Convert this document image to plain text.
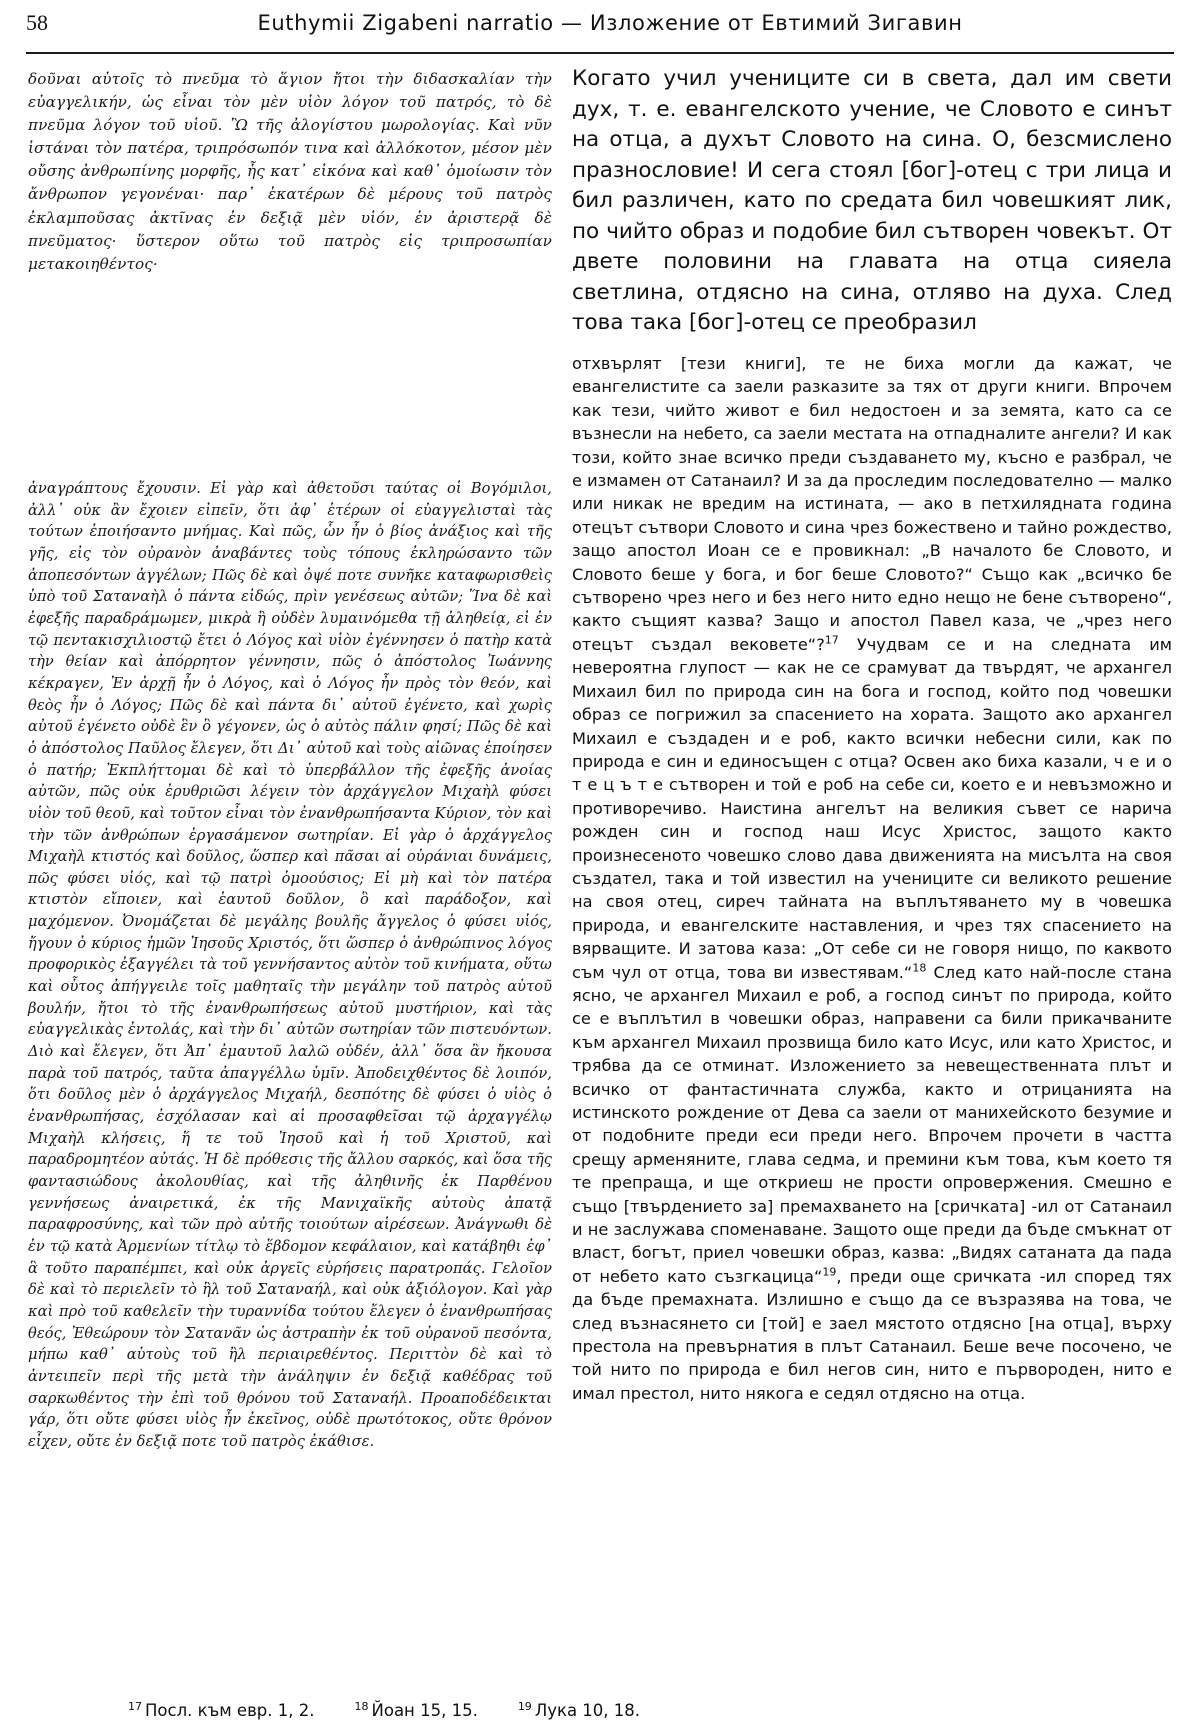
58	Euthymii Zigabeni narratio — Изложение от Евтимий Зигавин
δοῦναι αὐτοῖς τὸ πνεῦμα τὸ ἅγιον ἤτοι τὴν διδασκαλίαν τὴν εὐαγγελικήν, ὡς εἶναι τὸν μὲν υἱὸν λόγον τοῦ πατρός, τὸ δὲ πνεῦμα λόγον τοῦ υἱοῦ. Ὢ τῆς ἀλογίστου μωρολογίας. Καὶ νῦν ἱστάναι τὸν πατέρα, τριπρόσωπόν τινα καὶ ἀλλόκοτον, μέσον μὲν οὔσης ἀνθρωπίνης μορφῆς, ἧς κατ᾽ εἰκόνα καὶ καθ᾽ ὁμοίωσιν τὸν ἄνθρωπον γεγονέναι· παρ᾽ ἑκατέρων δὲ μέρους τοῦ πατρὸς ἐκλαμποῦσας ἀκτῖνας ἐν δεξιᾷ μὲν υἱόν, ἐν ἀριστερᾷ δὲ πνεῦματος· ὕστερον οὕτω τοῦ πατρὸς εἰς τριπροσωπίαν μετακοιηθέντος·
Когато учил учениците си в света, дал им свети дух, т. е. евангелското учение, че Словото е синът на отца, а духът Словото на сина. О, безсмислено празнословие! И сега стоял [бог]-отец с три лица и бил различен, като по средата бил човешкият лик, по чийто образ и подобие бил сътворен човекът. От двете половини на главата на отца сияела светлина, отдясно на сина, отляво на духа. След това така [бог]-отец се преобразил
ἀναγράπτους ἔχουσιν. Εἰ γὰρ καὶ ἀθετοῦσι ταύτας οἱ Βογόμιλοι, ἀλλ᾽ οὐκ ἂν ἔχοιεν εἰπεῖν, ὅτι ἀφ᾽ ἑτέρων οἱ εὐαγγελισταὶ τὰς τούτων ἐποιήσαντο μνήμας. Καὶ πῶς, ὧν ἦν ὁ βίος ἀνάξιος καὶ τῆς γῆς, εἰς τὸν οὐρανὸν ἀναβάντες τοὺς τόπους ἐκληρώσαντο τῶν ἀποπεσόντων ἀγγέλων; Πῶς δὲ καὶ ὀψέ ποτε συνῆκε καταφωρισθεὶς ὑπὸ τοῦ Σαταναὴλ ὁ πάντα εἰδώς, πρὶν γενέσεως αὐτῶν; Ἵνα δὲ καὶ ἐφεξῆς παραδράμωμεν, μικρὰ ἢ οὐδὲν λυμαινόμεθα τῇ ἀληθείᾳ, εἰ ἐν τῷ πεντακισχιλιοστῷ ἔτει ὁ Λόγος καὶ υἱὸν ἐγέννησεν ὁ πατὴρ κατὰ τὴν θείαν καὶ ἀπόρρητον γέννησιν, πῶς ὁ ἀπόστολος Ἰωάννης κέκραγεν, Ἐν ἀρχῇ ἦν ὁ Λόγος, καὶ ὁ Λόγος ἦν πρὸς τὸν θεόν, καὶ θεὸς ἦν ὁ Λόγος; Πῶς δὲ καὶ πάντα δι᾽ αὐτοῦ ἐγένετο, καὶ χωρὶς αὐτοῦ ἐγένετο οὐδὲ ἓν ὃ γέγονεν, ὡς ὁ αὐτὸς πάλιν φησί; Πῶς δὲ καὶ ὁ ἀπόστολος Παῦλος ἔλεγεν, ὅτι Δι᾽ αὐτοῦ καὶ τοὺς αἰῶνας ἐποίησεν ὁ πατήρ; Ἐκπλήττομαι δὲ καὶ τὸ ὑπερβάλλον τῆς ἐφεξῆς ἀνοίας αὐτῶν, πῶς οὐκ ἐρυθριῶσι λέγειν τὸν ἀρχάγγελον Μιχαὴλ φύσει υἱὸν τοῦ θεοῦ, καὶ τοῦτον εἶναι τὸν ἐνανθρωπήσαντα Κύριον, τὸν καὶ τὴν τῶν ἀνθρώπων ἐργασάμενον σωτηρίαν. Εἰ γὰρ ὁ ἀρχάγγελος Μιχαὴλ κτιστός καὶ δοῦλος, ὥσπερ καὶ πᾶσαι αἱ οὐράνιαι δυνάμεις, πῶς φύσει υἱός, καὶ τῷ πατρὶ ὁμοούσιος; Εἰ μὴ καὶ τὸν πατέρα κτιστὸν εἴποιεν, καὶ ἑαυτοῦ δοῦλον, ὃ καὶ παράδοξον, καὶ μαχόμενον. Ὀνομάζεται δὲ μεγάλης βουλῆς ἄγγελος ὁ φύσει υἱός, ἤγουν ὁ κύριος ἡμῶν Ἰησοῦς Χριστός, ὅτι ὥσπερ ὁ ἀνθρώπινος λόγος προφορικὸς ἐξαγγέλει τὰ τοῦ γεννήσαντος αὐτὸν τοῦ κινήματα, οὕτω καὶ οὗτος ἀπήγγειλε τοῖς μαθηταῖς τὴν μεγάλην τοῦ πατρὸς αὐτοῦ βουλήν, ἤτοι τὸ τῆς ἐνανθρωπήσεως αὐτοῦ μυστήριον, καὶ τὰς εὐαγγελικὰς ἐντολάς, καὶ τὴν δι᾽ αὐτῶν σωτηρίαν τῶν πιστευόντων. Διὸ καὶ ἔλεγεν, ὅτι Ἀπ᾽ ἐμαυτοῦ λαλῶ οὐδέν, ἀλλ᾽ ὅσα ἂν ἤκουσα παρὰ τοῦ πατρός, ταῦτα ἀπαγγέλλω ὑμῖν. Ἀποδειχθέντος δὲ λοιπόν, ὅτι δοῦλος μὲν ὁ ἀρχάγγελος Μιχαήλ, δεσπότης δὲ φύσει ὁ υἱὸς ὁ ἐνανθρωπήσας, ἐσχόλασαν καὶ αἱ προσαφθεῖσαι τῷ ἀρχαγγέλῳ Μιχαὴλ κλήσεις, ἥ τε τοῦ Ἰησοῦ καὶ ἡ τοῦ Χριστοῦ, καὶ παραδρομητέον αὐτάς. Ἡ δὲ πρόθεσις τῆς ἄλλου σαρκός, καὶ ὅσα τῆς φαντασιώδους ἀκολουθίας, καὶ τῆς ἀληθινῆς ἐκ Παρθένου γεννήσεως ἀναιρετικά, ἐκ τῆς Μανιχαϊκῆς αὐτοὺς ἀπατᾷ παραφροσύνης, καὶ τῶν πρὸ αὐτῆς τοιούτων αἱρέσεων. Ἀνάγνωθι δὲ ἐν τῷ κατὰ Ἀρμενίων τίτλῳ τὸ ἕβδομον κεφάλαιον, καὶ κατάβηθι ἐφ᾽ ἃ τοῦτο παραπέμπει, καὶ οὐκ ἀργεῖς εὑρήσεις παρατροπάς. Γελοῖον δὲ καὶ τὸ περιελεῖν τὸ ἢλ τοῦ Σαταναήλ, καὶ οὐκ ἀξιόλογον. Καὶ γὰρ καὶ πρὸ τοῦ καθελεῖν τὴν τυραννίδα τούτου ἔλεγεν ὁ ἐνανθρωπήσας θεός, Ἐθεώρουν τὸν Σατανᾶν ὡς ἀστραπὴν ἐκ τοῦ οὐρανοῦ πεσόντα, μήπω καθ᾽ αὑτοὺς τοῦ ἢλ περιαιρεθέντος. Περιττὸν δὲ καὶ τὸ ἀντειπεῖν περὶ τῆς μετὰ τὴν ἀνάληψιν ἐν δεξιᾷ καθέδρας τοῦ σαρκωθέντος τὴν ἐπὶ τοῦ θρόνου τοῦ Σαταναήλ. Προαποδέδεικται γάρ, ὅτι οὔτε φύσει υἱὸς ἦν ἐκεῖνος, οὐδὲ πρωτότοκος, οὔτε θρόνον εἶχεν, οὔτε ἐν δεξιᾷ ποτε τοῦ πατρὸς ἐκάθισε.
отхвърлят [тези книги], те не биха могли да кажат, че евангелистите са заели разказите за тях от други книги. Впрочем как тези, чийто живот е бил недостоен и за земята, като са се възнесли на небето, са заели местата на отпадналите ангели? И как този, който знае всичко преди създаването му, късно е разбрал, че е измамен от Сатанаил? И за да проследим последователно — малко или никак не вредим на истината, — ако в петхилядната година отецът сътвори Словото и сина чрез божествено и тайно рождество, защо апостол Иоан се е провикнал: „В началото бе Словото, и Словото беше у бога, и бог беше Словото?“ Също как „всичко бе сътворено чрез него и без него нито едно нещо не бене сътворено“, както същият казва? Защо и апостол Павел каза, че „чрез него отецът създал вековете“?$^{17}$ Учудвам се и на следната им невероятна глупост — как не се срамуват да твърдят, че архангел Михаил бил по природа син на бога и господ, който под човешки образ се погрижил за спасението на хората. Защото ако архангел Михаил е създаден и е роб, както всички небесни сили, как по природа е син и единосъщен с отца? Освен ако биха казали, ч е и о т е ц ъ т е сътворен и той е роб на себе си, което е и невъзможно и противоречиво. Наистина ангелът на великия съвет се нарича рожден син и господ наш Исус Христос, защото както произнесеното човешко слово дава движенията на мисълта на своя създател, така и той известил на учениците си великото решение на своя отец, сиреч тайната на въплътяването му в човешка природа, и евангелските наставления, и чрез тях спасението на вярващите. И затова каза: „От себе си не говоря нищо, по каквото съм чул от отца, това ви известявам.“$^{18}$ След като най-после стана ясно, че архангел Михаил е роб, а господ синът по природа, който се е въплътил в човешки образ, направени са били прикачваните към архангел Михаил прозвища било като Исус, или като Христос, и трябва да се отминат. Изложението за невещественната плът и всичко от фантастичната служба, както и отрицанията на истинското рождение от Дева са заели от манихейското безумие и от подобните преди еси преди него. Впрочем прочети в частта срещу арменяните, глава седма, и премини към това, към което тя те препраща, и ще откриеш не прости опровержения. Смешно е също [твърдението за] премахването на [сричката] -ил от Сатанаил и не заслужава споменаване. Защото още преди да бъде смъкнат от власт, богът, приел човешки образ, казва: „Видях сатаната да пада от небето като съзгкацица“$^{19}$, преди още сричката -ил според тях да бъде премахната. Излишно е също да се възразява на това, че след възнасянето си [той] е заел мястото отдясно [на отца], върху престола на превърнатия в плът Сатанаил. Беше вече посочено, че той нито по природа е бил негов син, нито е първороден, нито е имал престол, нито някога е седял отдясно на отца.
$^{17}$ Посл. към евр. 1, 2.	$^{18}$ Йоан 15, 15.	$^{19}$ Лука 10, 18.
